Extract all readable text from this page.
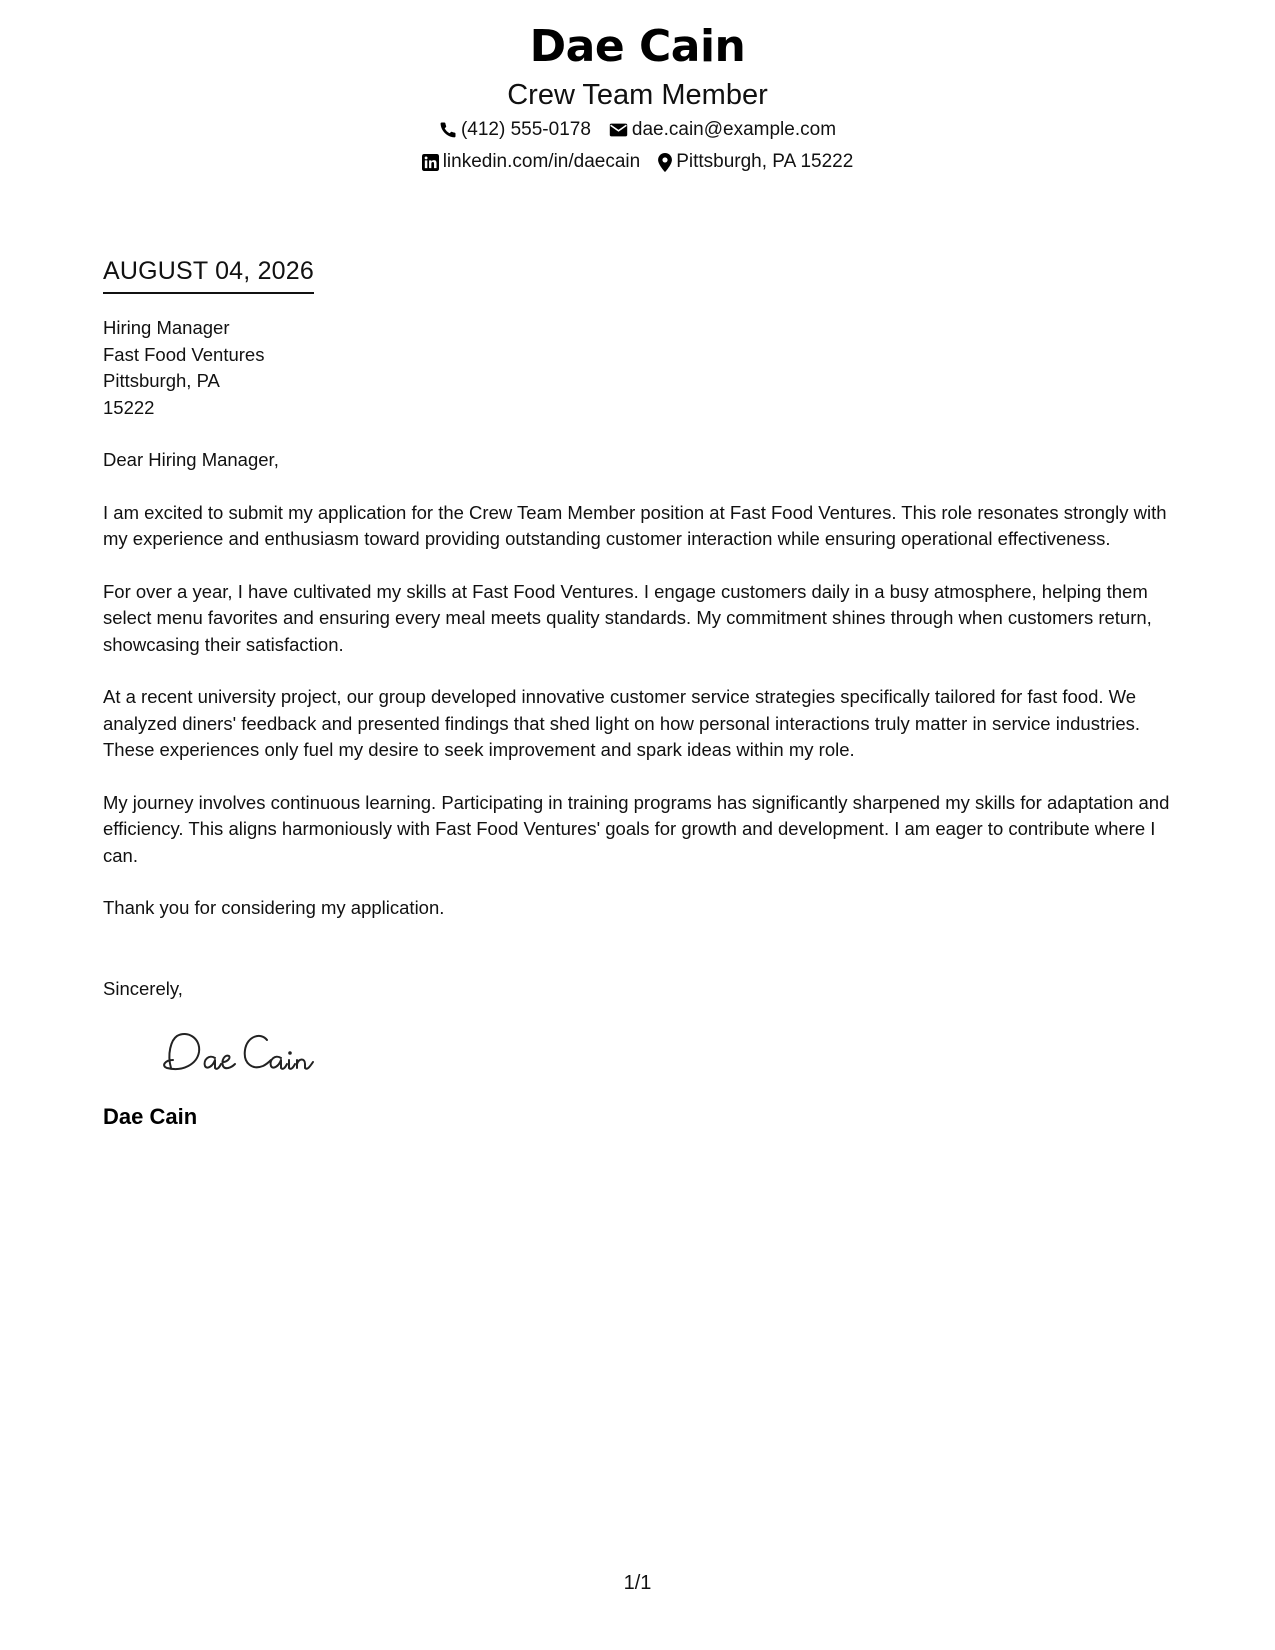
Dae Cain
Crew Team Member
(412) 555-0178 dae.cain@example.com
linkedin.com/in/daecain Pittsburgh, PA 15222
AUGUST 04, 2026
Hiring Manager
Fast Food Ventures
Pittsburgh, PA
15222
Dear Hiring Manager,

I am excited to submit my application for the Crew Team Member position at Fast Food Ventures. This role resonates strongly with my experience and enthusiasm toward providing outstanding customer interaction while ensuring operational effectiveness.

For over a year, I have cultivated my skills at Fast Food Ventures. I engage customers daily in a busy atmosphere, helping them select menu favorites and ensuring every meal meets quality standards. My commitment shines through when customers return, showcasing their satisfaction.

At a recent university project, our group developed innovative customer service strategies specifically tailored for fast food. We analyzed diners' feedback and presented findings that shed light on how personal interactions truly matter in service industries. These experiences only fuel my desire to seek improvement and spark ideas within my role.

My journey involves continuous learning. Participating in training programs has significantly sharpened my skills for adaptation and efficiency. This aligns harmoniously with Fast Food Ventures' goals for growth and development. I am eager to contribute where I can.

Thank you for considering my application.

Sincerely,
Dae Cain
1/1
